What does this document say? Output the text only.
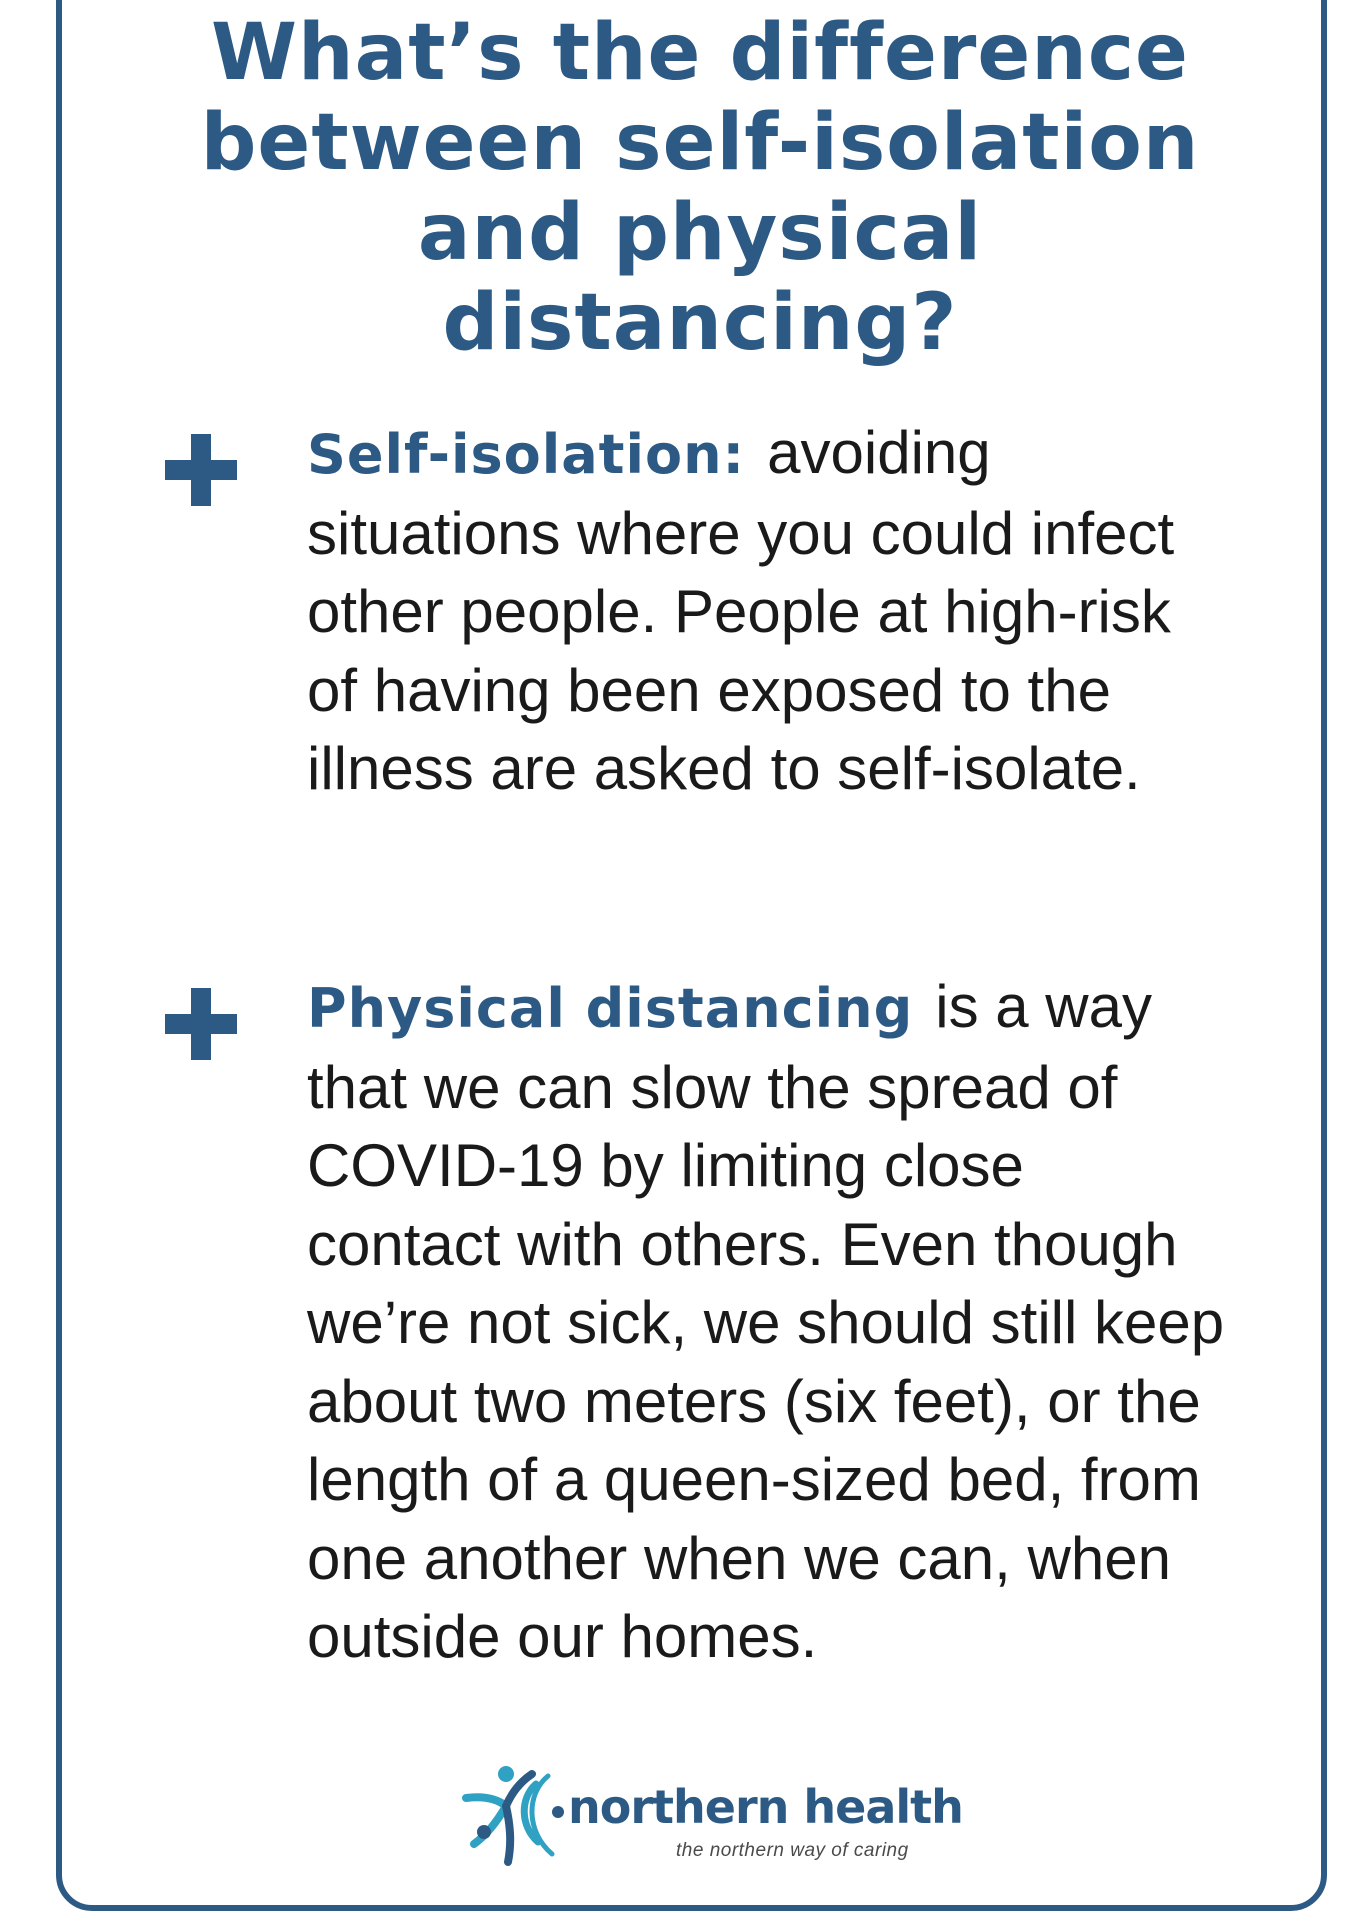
What’s the difference between self-isolation and physical distancing?

Self-isolation: avoiding situations where you could infect other people. People at high-risk of having been exposed to the illness are asked to self-isolate.

Physical distancing is a way that we can slow the spread of COVID-19 by limiting close contact with others. Even though we’re not sick, we should still keep about two meters (six feet), or the length of a queen-sized bed, from one another when we can, when outside our homes.

northern health

the northern way of caring
